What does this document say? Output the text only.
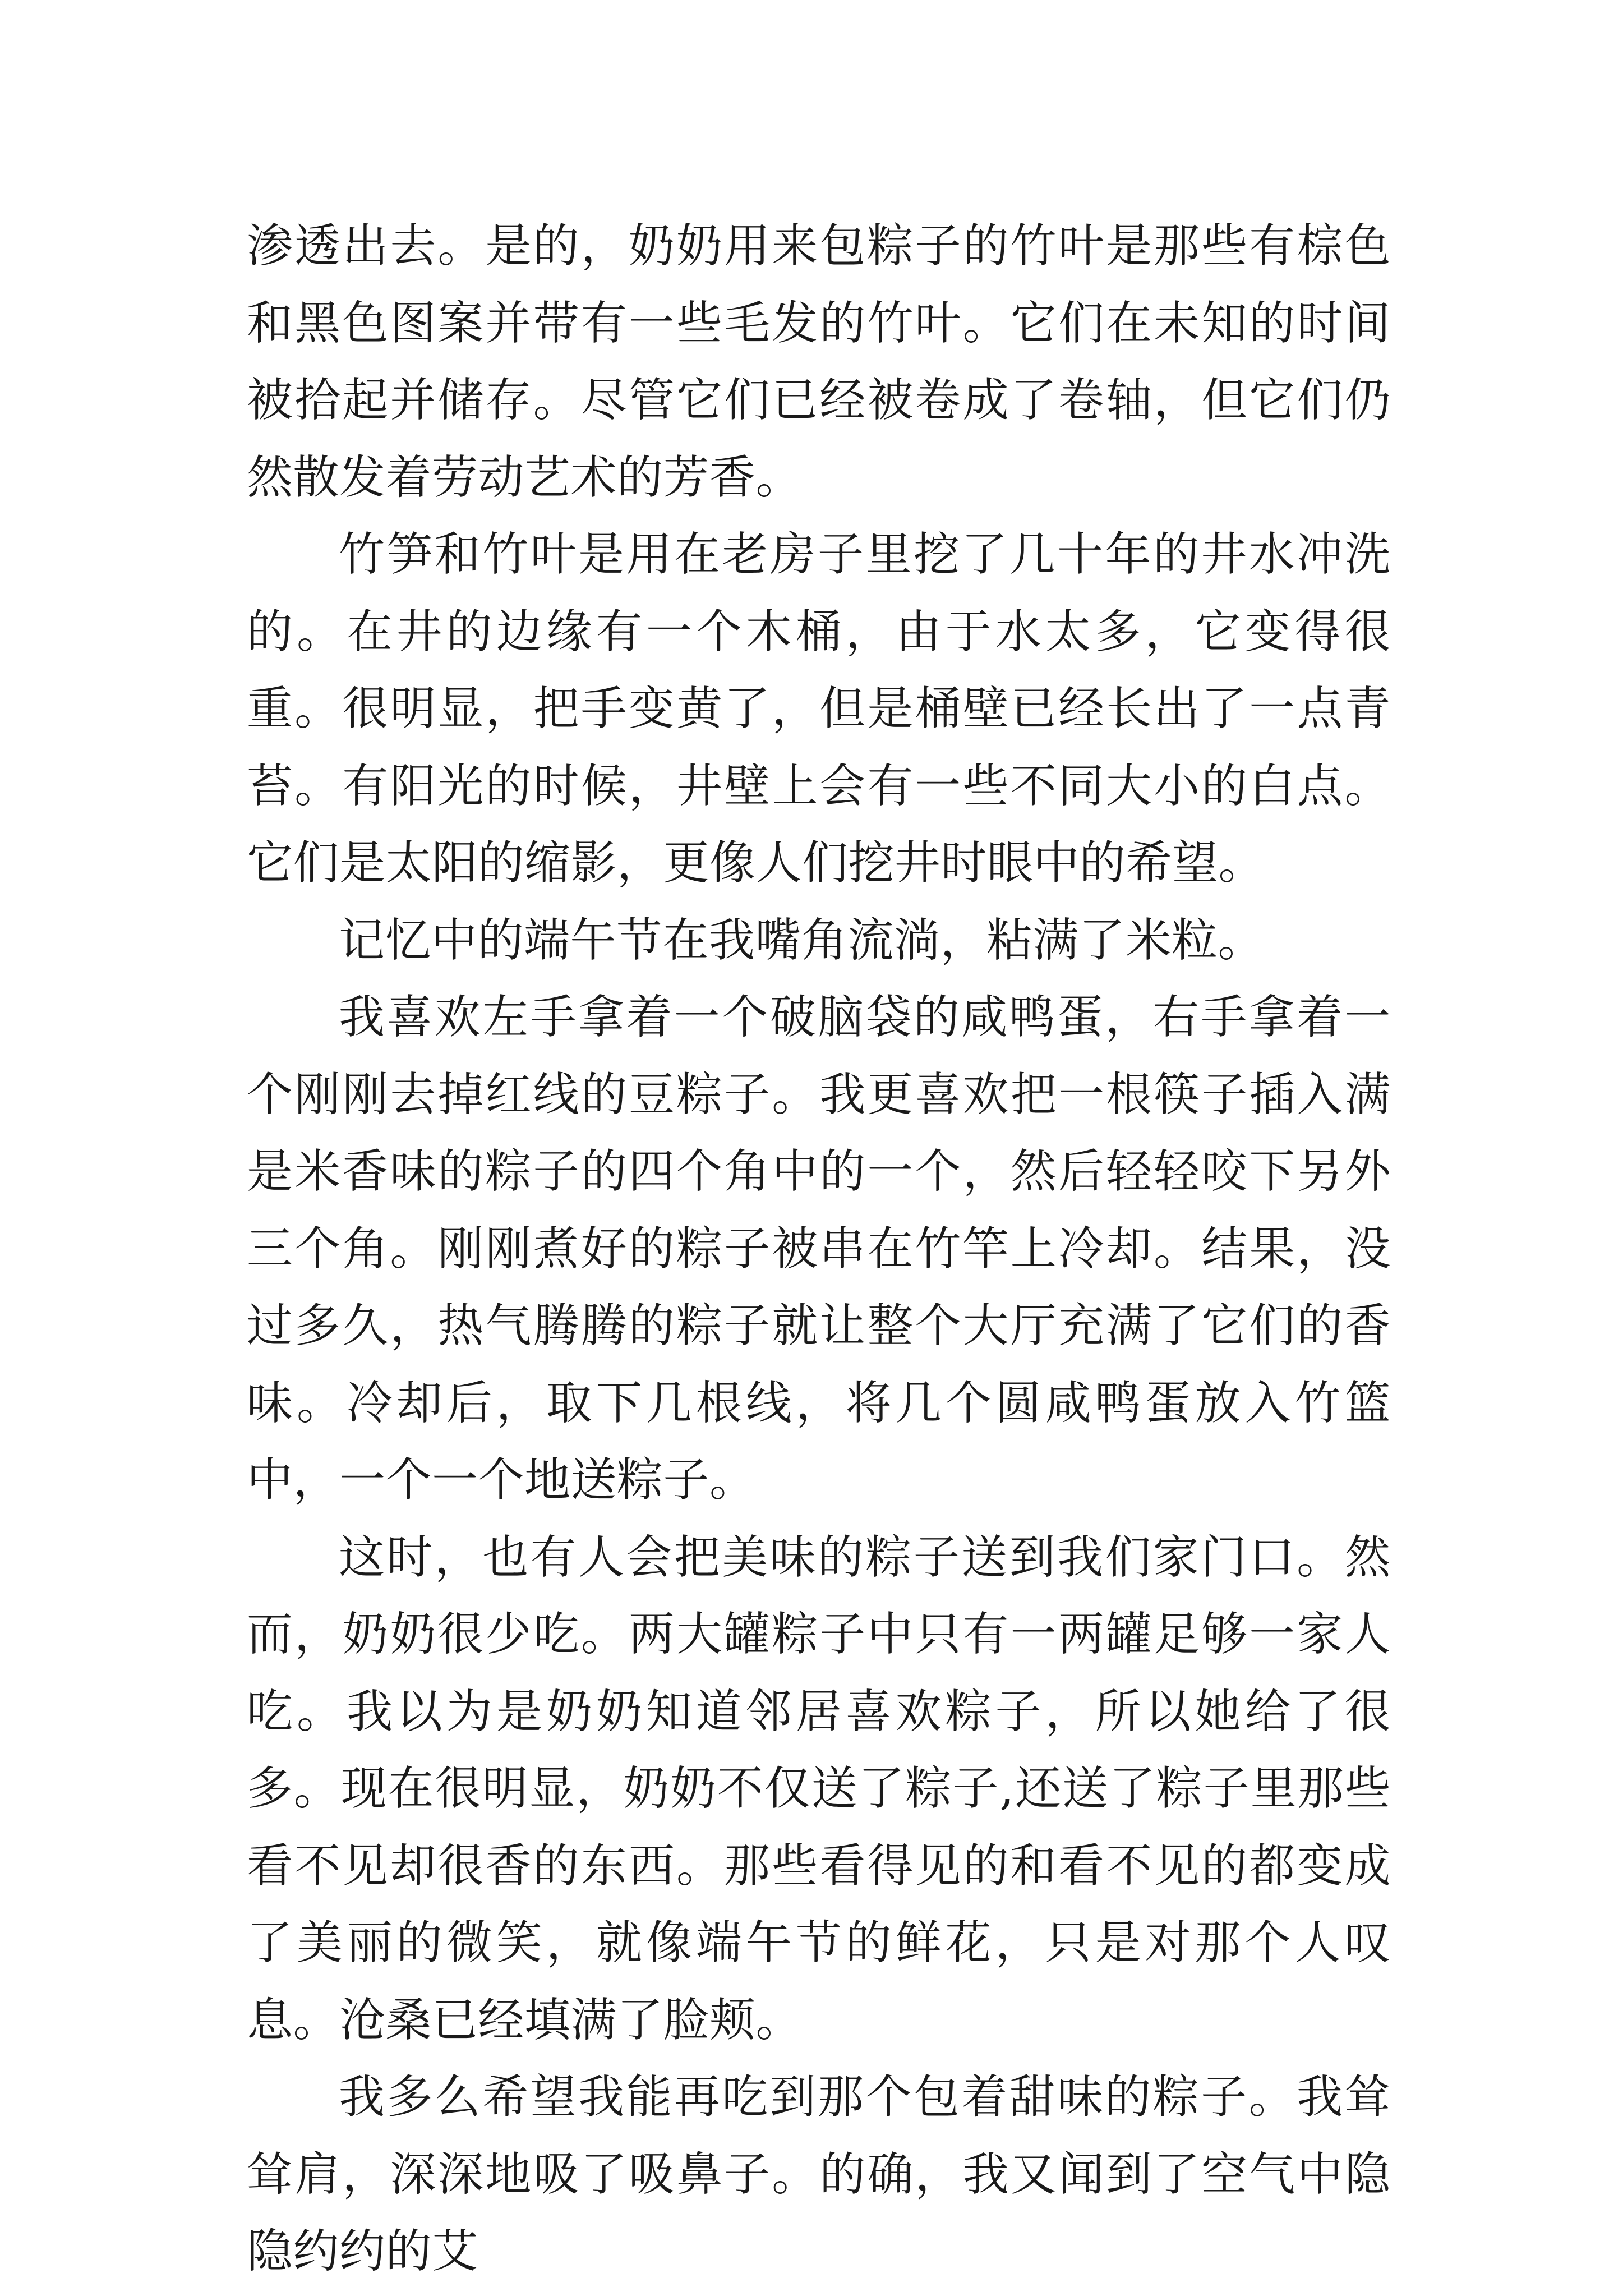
渗透出去。是的，奶奶用来包粽子的竹叶是那些有棕色和黑色图案并带有一些毛发的竹叶。它们在未知的时间被拾起并储存。尽管它们已经被卷成了卷轴，但它们仍然散发着劳动艺术的芳香。

竹笋和竹叶是用在老房子里挖了几十年的井水冲洗的。在井的边缘有一个木桶，由于水太多，它变得很重。很明显，把手变黄了，但是桶壁已经长出了一点青苔。有阳光的时候，井壁上会有一些不同大小的白点。它们是太阳的缩影，更像人们挖井时眼中的希望。

记忆中的端午节在我嘴角流淌，粘满了米粒。

我喜欢左手拿着一个破脑袋的咸鸭蛋，右手拿着一个刚刚去掉红线的豆粽子。我更喜欢把一根筷子插入满是米香味的粽子的四个角中的一个，然后轻轻咬下另外三个角。刚刚煮好的粽子被串在竹竿上冷却。结果，没过多久，热气腾腾的粽子就让整个大厅充满了它们的香味。冷却后，取下几根线，将几个圆咸鸭蛋放入竹篮中，一个一个地送粽子。

这时，也有人会把美味的粽子送到我们家门口。然而，奶奶很少吃。两大罐粽子中只有一两罐足够一家人吃。我以为是奶奶知道邻居喜欢粽子，所以她给了很多。现在很明显，奶奶不仅送了粽子,还送了粽子里那些看不见却很香的东西。那些看得见的和看不见的都变成了美丽的微笑，就像端午节的鲜花，只是对那个人叹息。沧桑已经填满了脸颊。

我多么希望我能再吃到那个包着甜味的粽子。我耸耸肩，深深地吸了吸鼻子。的确，我又闻到了空气中隐隐约约的艾
